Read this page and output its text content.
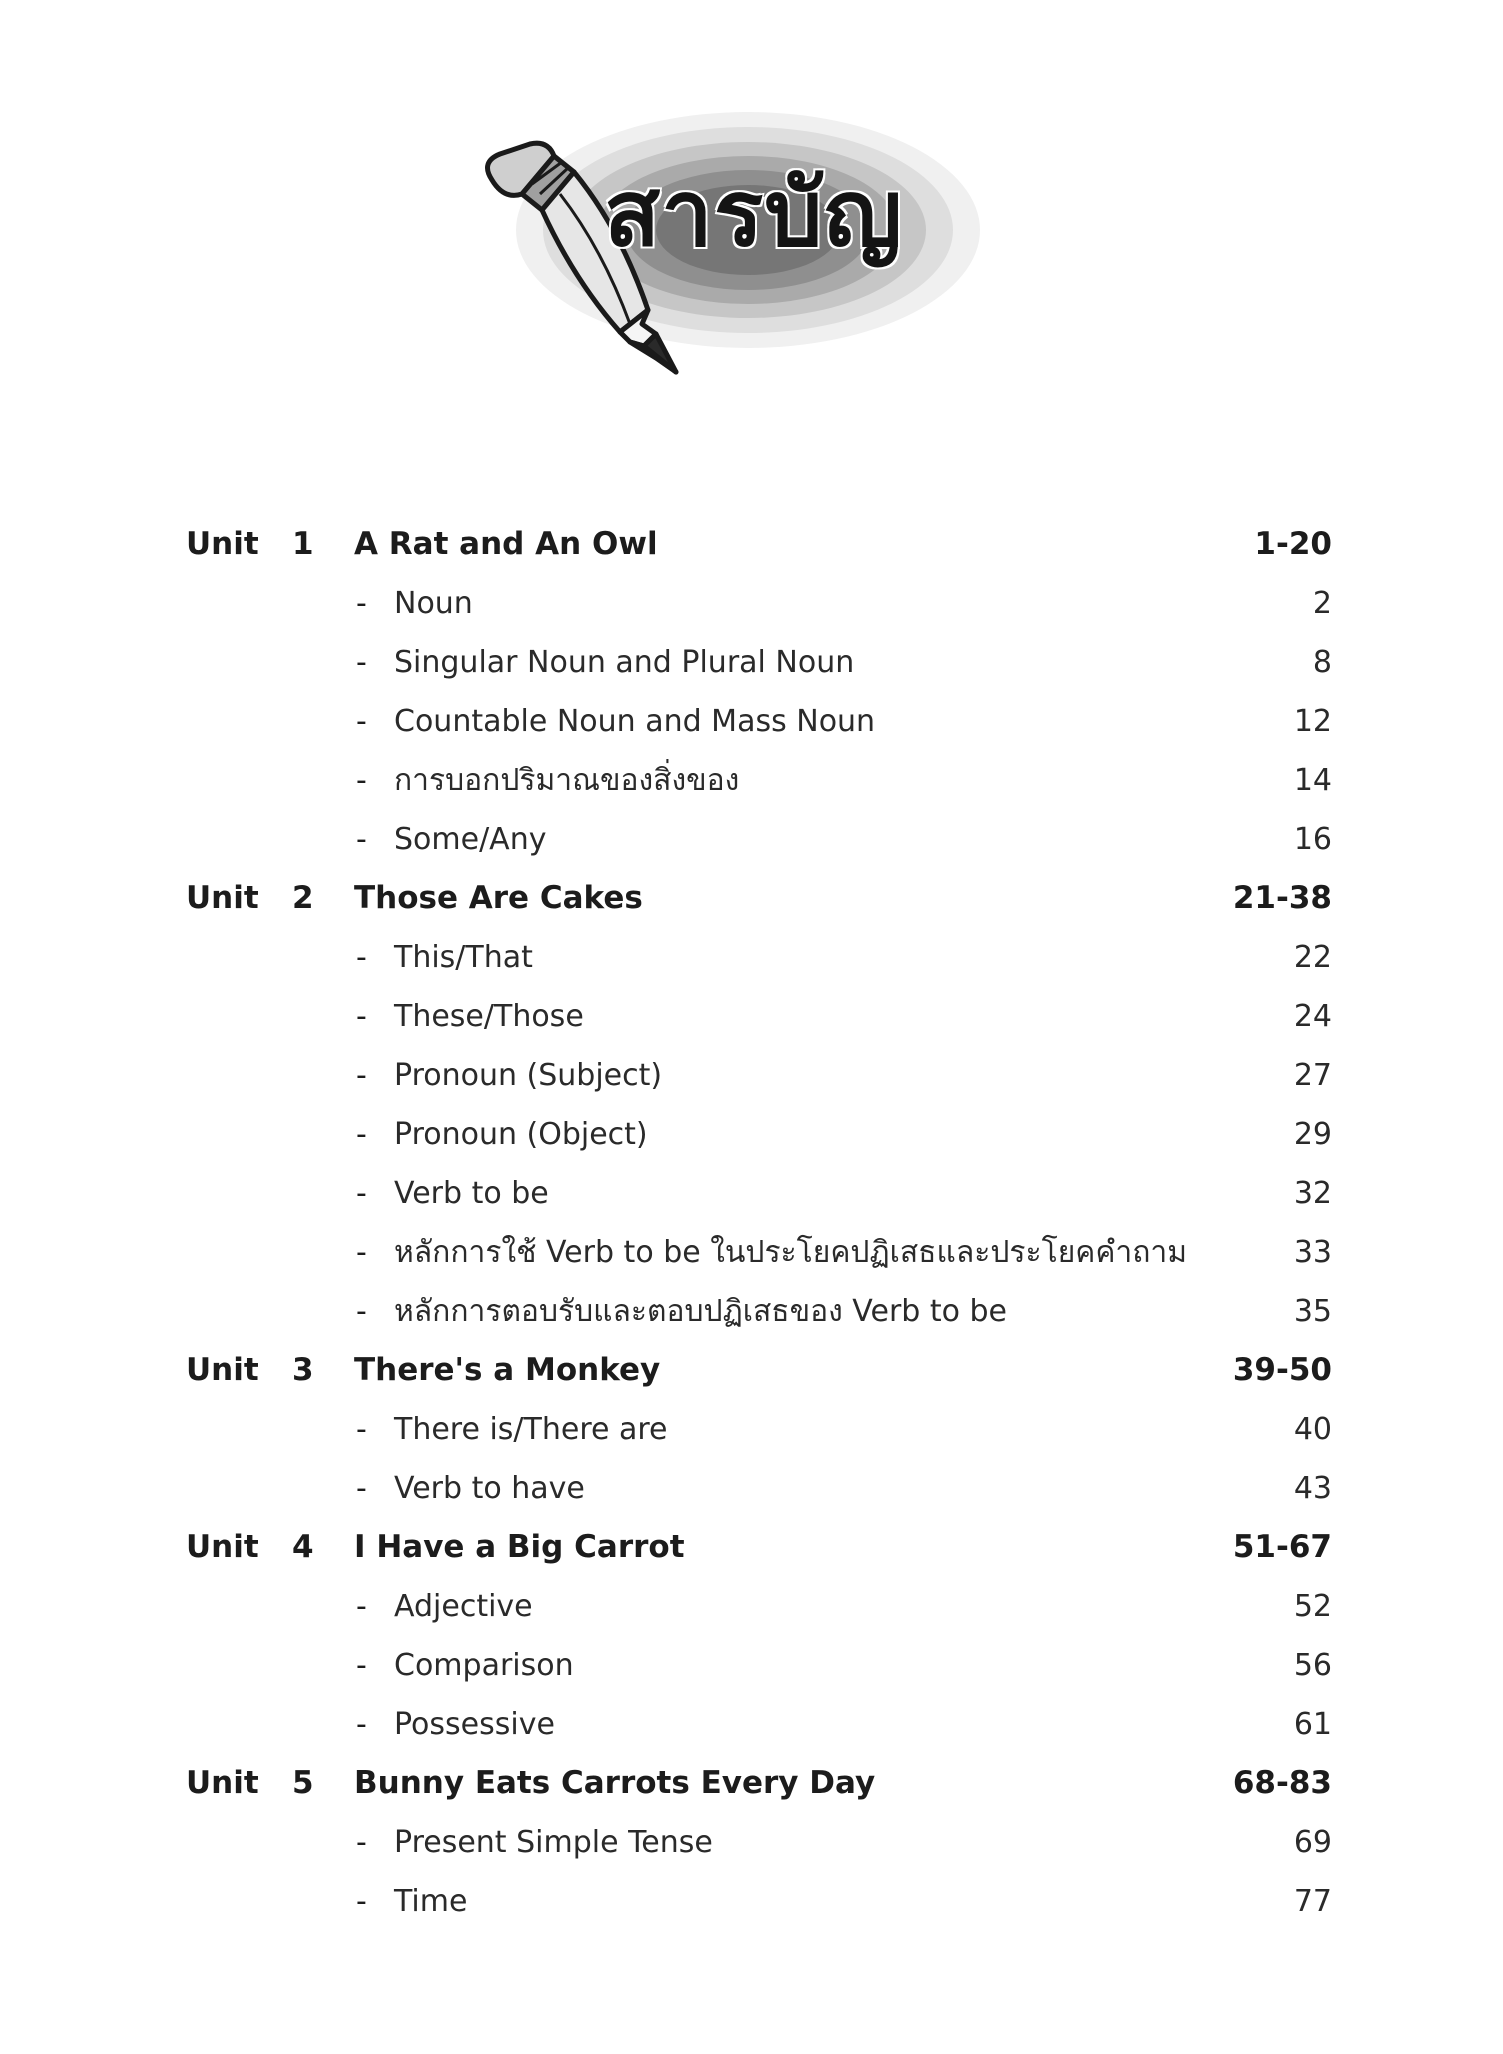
สารบัญ
Unit 1 A Rat and An Owl	1-20
- Noun	2
- Singular Noun and Plural Noun	8
- Countable Noun and Mass Noun	12
- การบอกปริมาณของสิ่งของ	14
- Some/Any	16
Unit 2 Those Are Cakes	21-38
- This/That	22
- These/Those	24
- Pronoun (Subject)	27
- Pronoun (Object)	29
- Verb to be	32
- หลักการใช้ Verb to be ในประโยคปฏิเสธและประโยคคำถาม	33
- หลักการตอบรับและตอบปฏิเสธของ Verb to be	35
Unit 3 There's a Monkey	39-50
- There is/There are	40
- Verb to have	43
Unit 4 I Have a Big Carrot	51-67
- Adjective	52
- Comparison	56
- Possessive	61
Unit 5 Bunny Eats Carrots Every Day	68-83
- Present Simple Tense	69
- Time	77
